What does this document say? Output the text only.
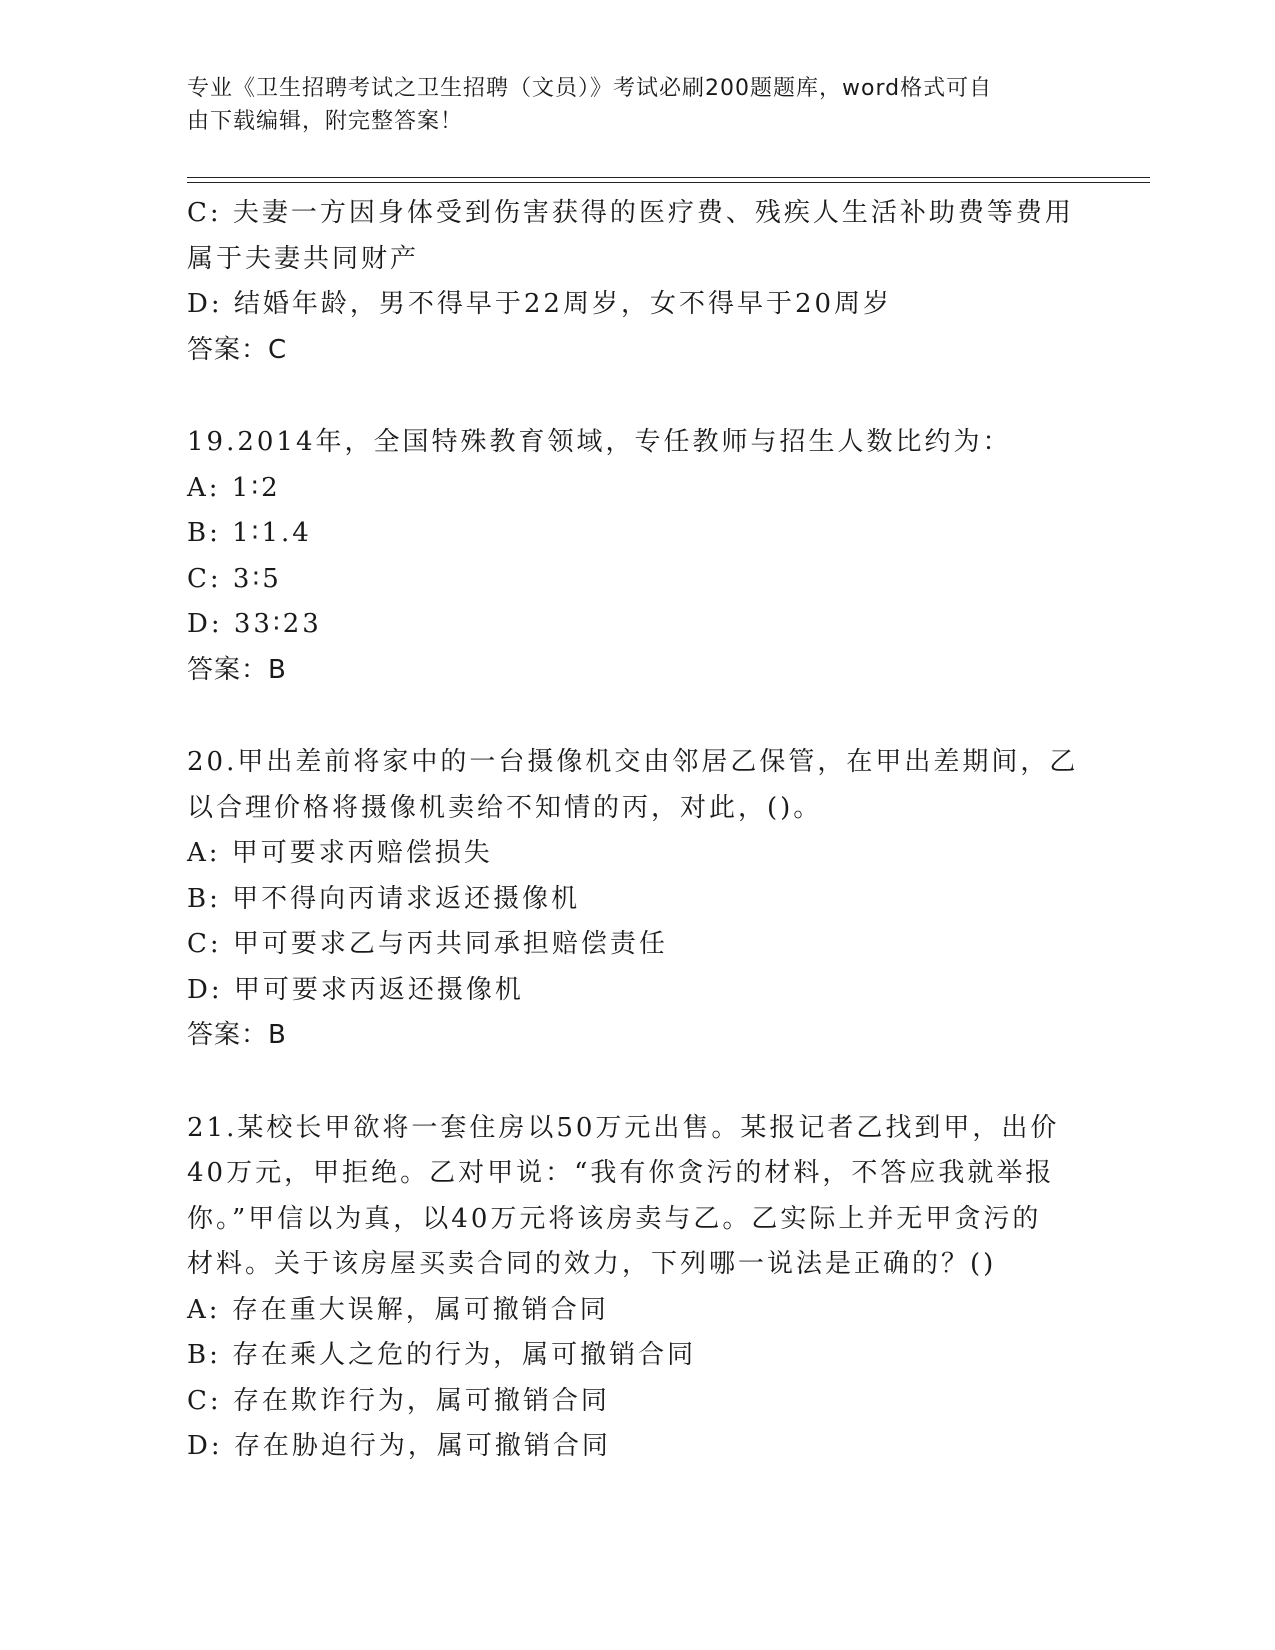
专业《卫生招聘考试之卫生招聘（文员）》考试必刷200题题库，word格式可自
由下载编辑，附完整答案！
C: 夫妻一方因身体受到伤害获得的医疗费、残疾人生活补助费等费用
属于夫妻共同财产
D: 结婚年龄，男不得早于22周岁，女不得早于20周岁
答案：C
19.2014年，全国特殊教育领域，专任教师与招生人数比约为：
A: 1∶2
B: 1∶1.4
C: 3∶5
D: 33∶23
答案：B
20.甲出差前将家中的一台摄像机交由邻居乙保管，在甲出差期间，乙
以合理价格将摄像机卖给不知情的丙，对此，()。
A: 甲可要求丙赔偿损失
B: 甲不得向丙请求返还摄像机
C: 甲可要求乙与丙共同承担赔偿责任
D: 甲可要求丙返还摄像机
答案：B
21.某校长甲欲将一套住房以50万元出售。某报记者乙找到甲，出价
40万元，甲拒绝。乙对甲说：“我有你贪污的材料，不答应我就举报
你。”甲信以为真，以40万元将该房卖与乙。乙实际上并无甲贪污的
材料。关于该房屋买卖合同的效力，下列哪一说法是正确的？()
A: 存在重大误解，属可撤销合同
B: 存在乘人之危的行为，属可撤销合同
C: 存在欺诈行为，属可撤销合同
D: 存在胁迫行为，属可撤销合同
